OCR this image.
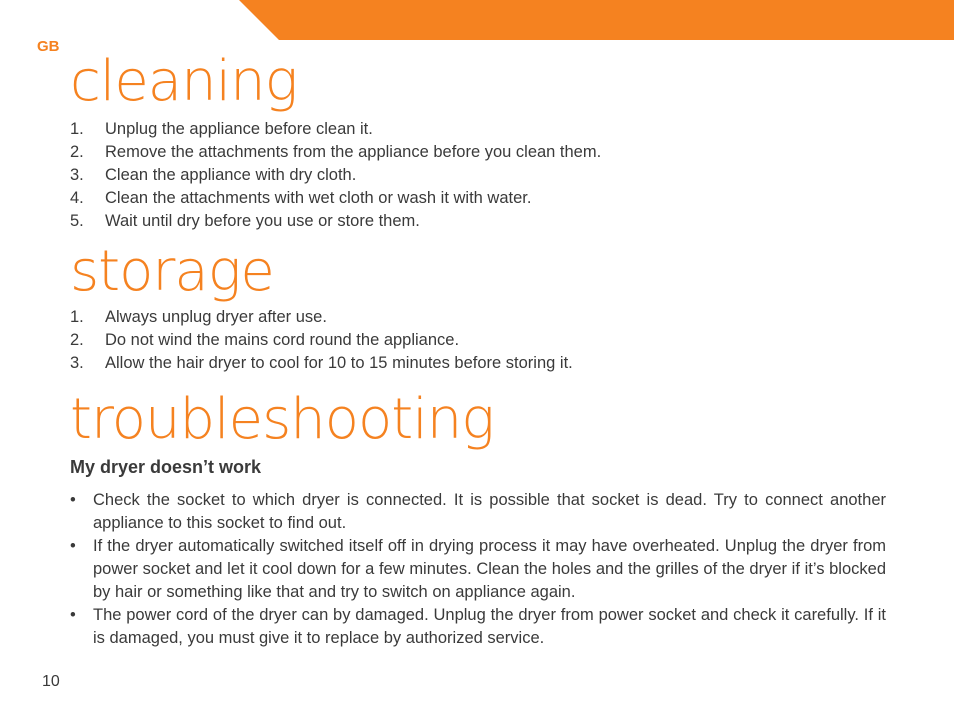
GB
cleaning
1. Unplug the appliance before clean it.
2. Remove the attachments from the appliance before you clean them.
3. Clean the appliance with dry cloth.
4. Clean the attachments with wet cloth or wash it with water.
5. Wait until dry before you use or store them.
storage
1. Always unplug dryer after use.
2. Do not wind the mains cord round the appliance.
3. Allow the hair dryer to cool for 10 to 15 minutes before storing it.
troubleshooting
My dryer doesn’t work
• Check the socket to which dryer is connected. It is possible that socket is dead. Try to connect another appliance to this socket to find out.
• If the dryer automatically switched itself off in drying process it may have overheated. Unplug the dryer from power socket and let it cool down for a few minutes. Clean the holes and the grilles of the dryer if it’s blocked by hair or something like that and try to switch on appliance again.
• The power cord of the dryer can by damaged. Unplug the dryer from power socket and check it carefully. If it is damaged, you must give it to replace by authorized service.
10
